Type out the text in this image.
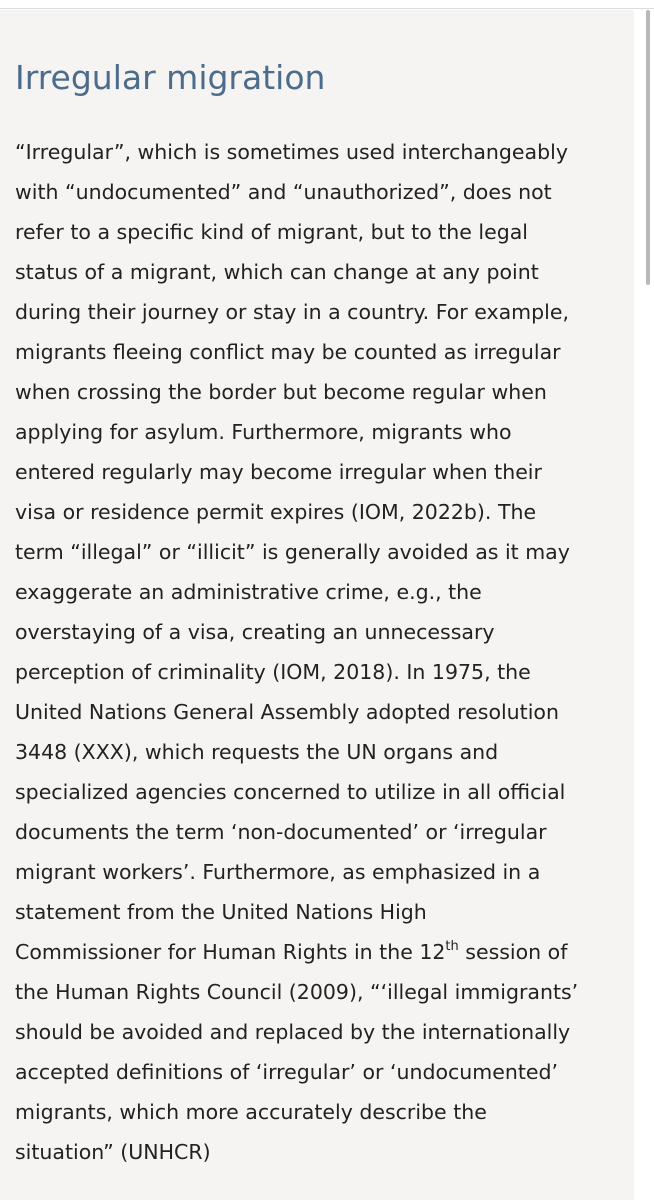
Irregular migration
“Irregular”, which is sometimes used interchangeably
with “undocumented” and “unauthorized”, does not
refer to a specific kind of migrant, but to the legal
status of a migrant, which can change at any point
during their journey or stay in a country. For example,
migrants fleeing conflict may be counted as irregular
when crossing the border but become regular when
applying for asylum. Furthermore, migrants who
entered regularly may become irregular when their
visa or residence permit expires (IOM, 2022b). The
term “illegal” or “illicit” is generally avoided as it may
exaggerate an administrative crime, e.g., the
overstaying of a visa, creating an unnecessary
perception of criminality (IOM, 2018). In 1975, the
United Nations General Assembly adopted resolution
3448 (XXX), which requests the UN organs and
specialized agencies concerned to utilize in all official
documents the term ‘non-documented’ or ‘irregular
migrant workers’. Furthermore, as emphasized in a
statement from the United Nations High
Commissioner for Human Rights in the 12th session of
the Human Rights Council (2009), “‘illegal immigrants’
should be avoided and replaced by the internationally
accepted definitions of ‘irregular’ or ‘undocumented’
migrants, which more accurately describe the
situation” (UNHCR)
